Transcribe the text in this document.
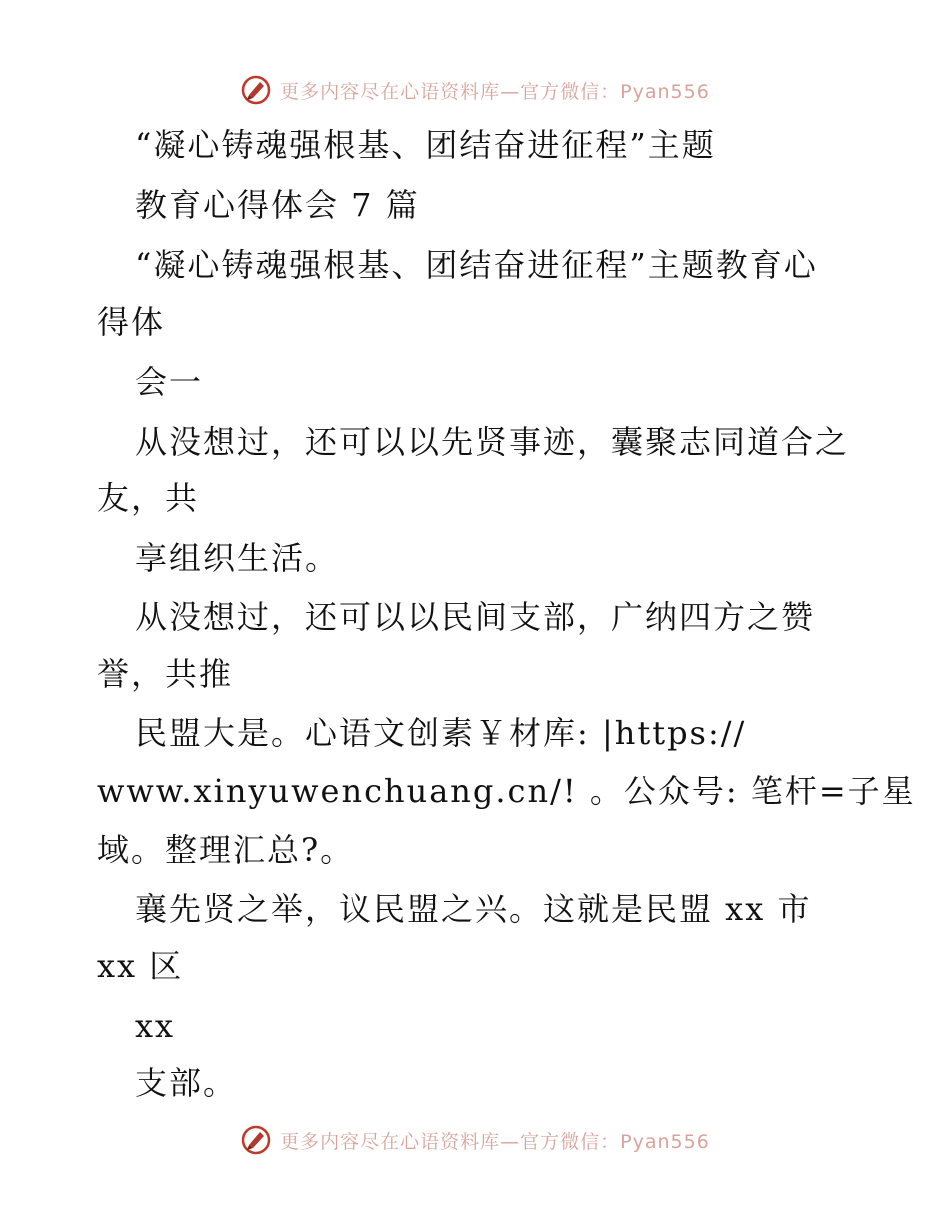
更多内容尽在心语资料库—官方微信：Pyan556
“凝心铸魂强根基、团结奋进征程”主题
教育心得体会 7 篇
“凝心铸魂强根基、团结奋进征程”主题教育心
得体
会一
从没想过，还可以以先贤事迹，囊聚志同道合之
友，共
享组织生活。
从没想过，还可以以民间支部，广纳四方之赞
誉，共推
民盟大是。心语文创素￥材库: |https://
www.xinyuwenchuang.cn/! 。公众号: 笔杆=子星
域。整理汇总?。
襄先贤之举，议民盟之兴。这就是民盟 xx 市
xx 区
xx
支部。
更多内容尽在心语资料库—官方微信：Pyan556
